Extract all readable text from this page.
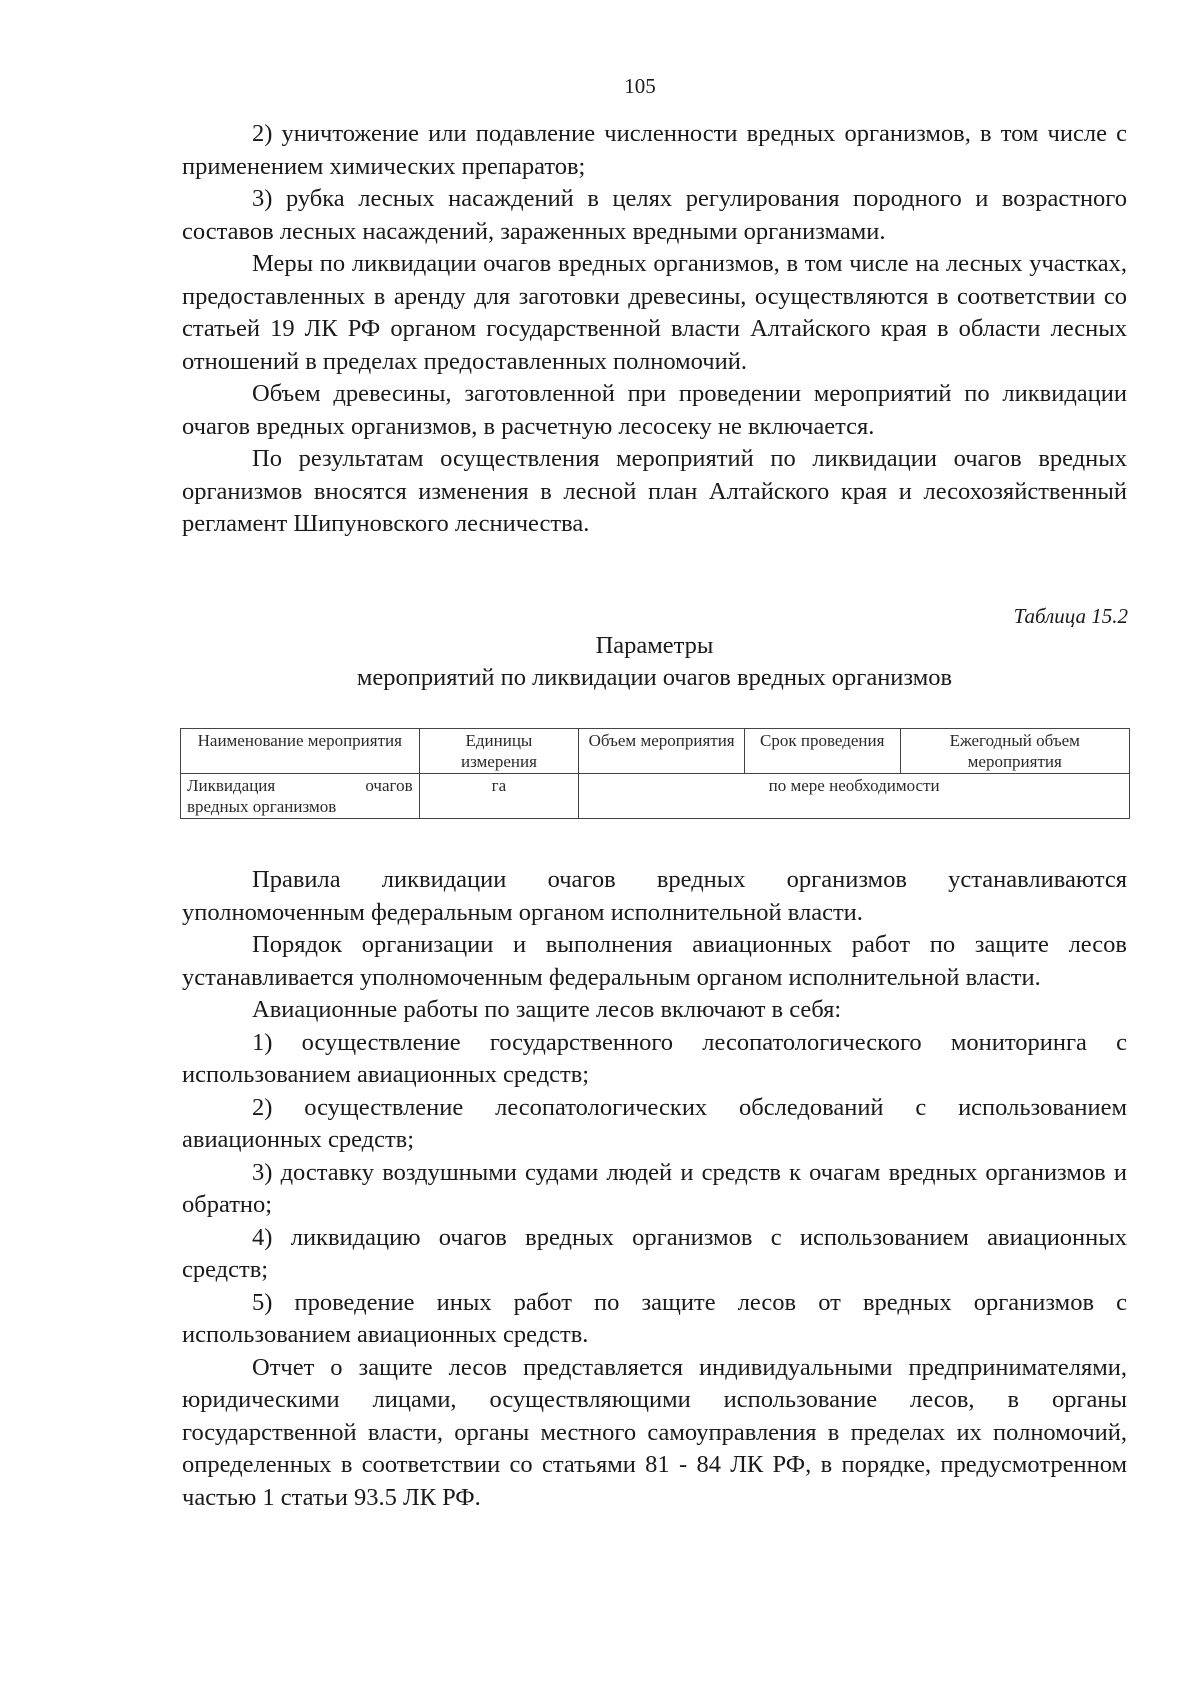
105

2) уничтожение или подавление численности вредных организмов, в том числе с применением химических препаратов;

3) рубка лесных насаждений в целях регулирования породного и возрастного составов лесных насаждений, зараженных вредными организмами.

Меры по ликвидации очагов вредных организмов, в том числе на лесных участках, предоставленных в аренду для заготовки древесины, осуществляются в соответствии со статьей 19 ЛК РФ органом государственной власти Алтайского края в области лесных отношений в пределах предоставленных полномочий.

Объем древесины, заготовленной при проведении мероприятий по ликвидации очагов вредных организмов, в расчетную лесосеку не включается.

По результатам осуществления мероприятий по ликвидации очагов вредных организмов вносятся изменения в лесной план Алтайского края и лесохозяйственный регламент Шипуновского лесничества.

Таблица 15.2
Параметры
мероприятий по ликвидации очагов вредных организмов
Наименование мероприятия	Единицы измерения	Объем мероприятия	Срок проведения	Ежегодный объем мероприятия

Ликвидация очагов
вредных организмов	га	по мере необходимости		

Правила ликвидации очагов вредных организмов устанавливаются уполномоченным федеральным органом исполнительной власти.

Порядок организации и выполнения авиационных работ по защите лесов устанавливается уполномоченным федеральным органом исполнительной власти.

Авиационные работы по защите лесов включают в себя:

1) осуществление государственного лесопатологического мониторинга с использованием авиационных средств;

2) осуществление лесопатологических обследований с использованием авиационных средств;

3) доставку воздушными судами людей и средств к очагам вредных организмов и обратно;

4) ликвидацию очагов вредных организмов с использованием авиационных средств;

5) проведение иных работ по защите лесов от вредных организмов с использованием авиационных средств.

Отчет о защите лесов представляется индивидуальными предпринимателями, юридическими лицами, осуществляющими использование лесов, в органы государственной власти, органы местного самоуправления в пределах их полномочий, определенных в соответствии со статьями 81 - 84 ЛК РФ, в порядке, предусмотренном частью 1 статьи 93.5 ЛК РФ.
